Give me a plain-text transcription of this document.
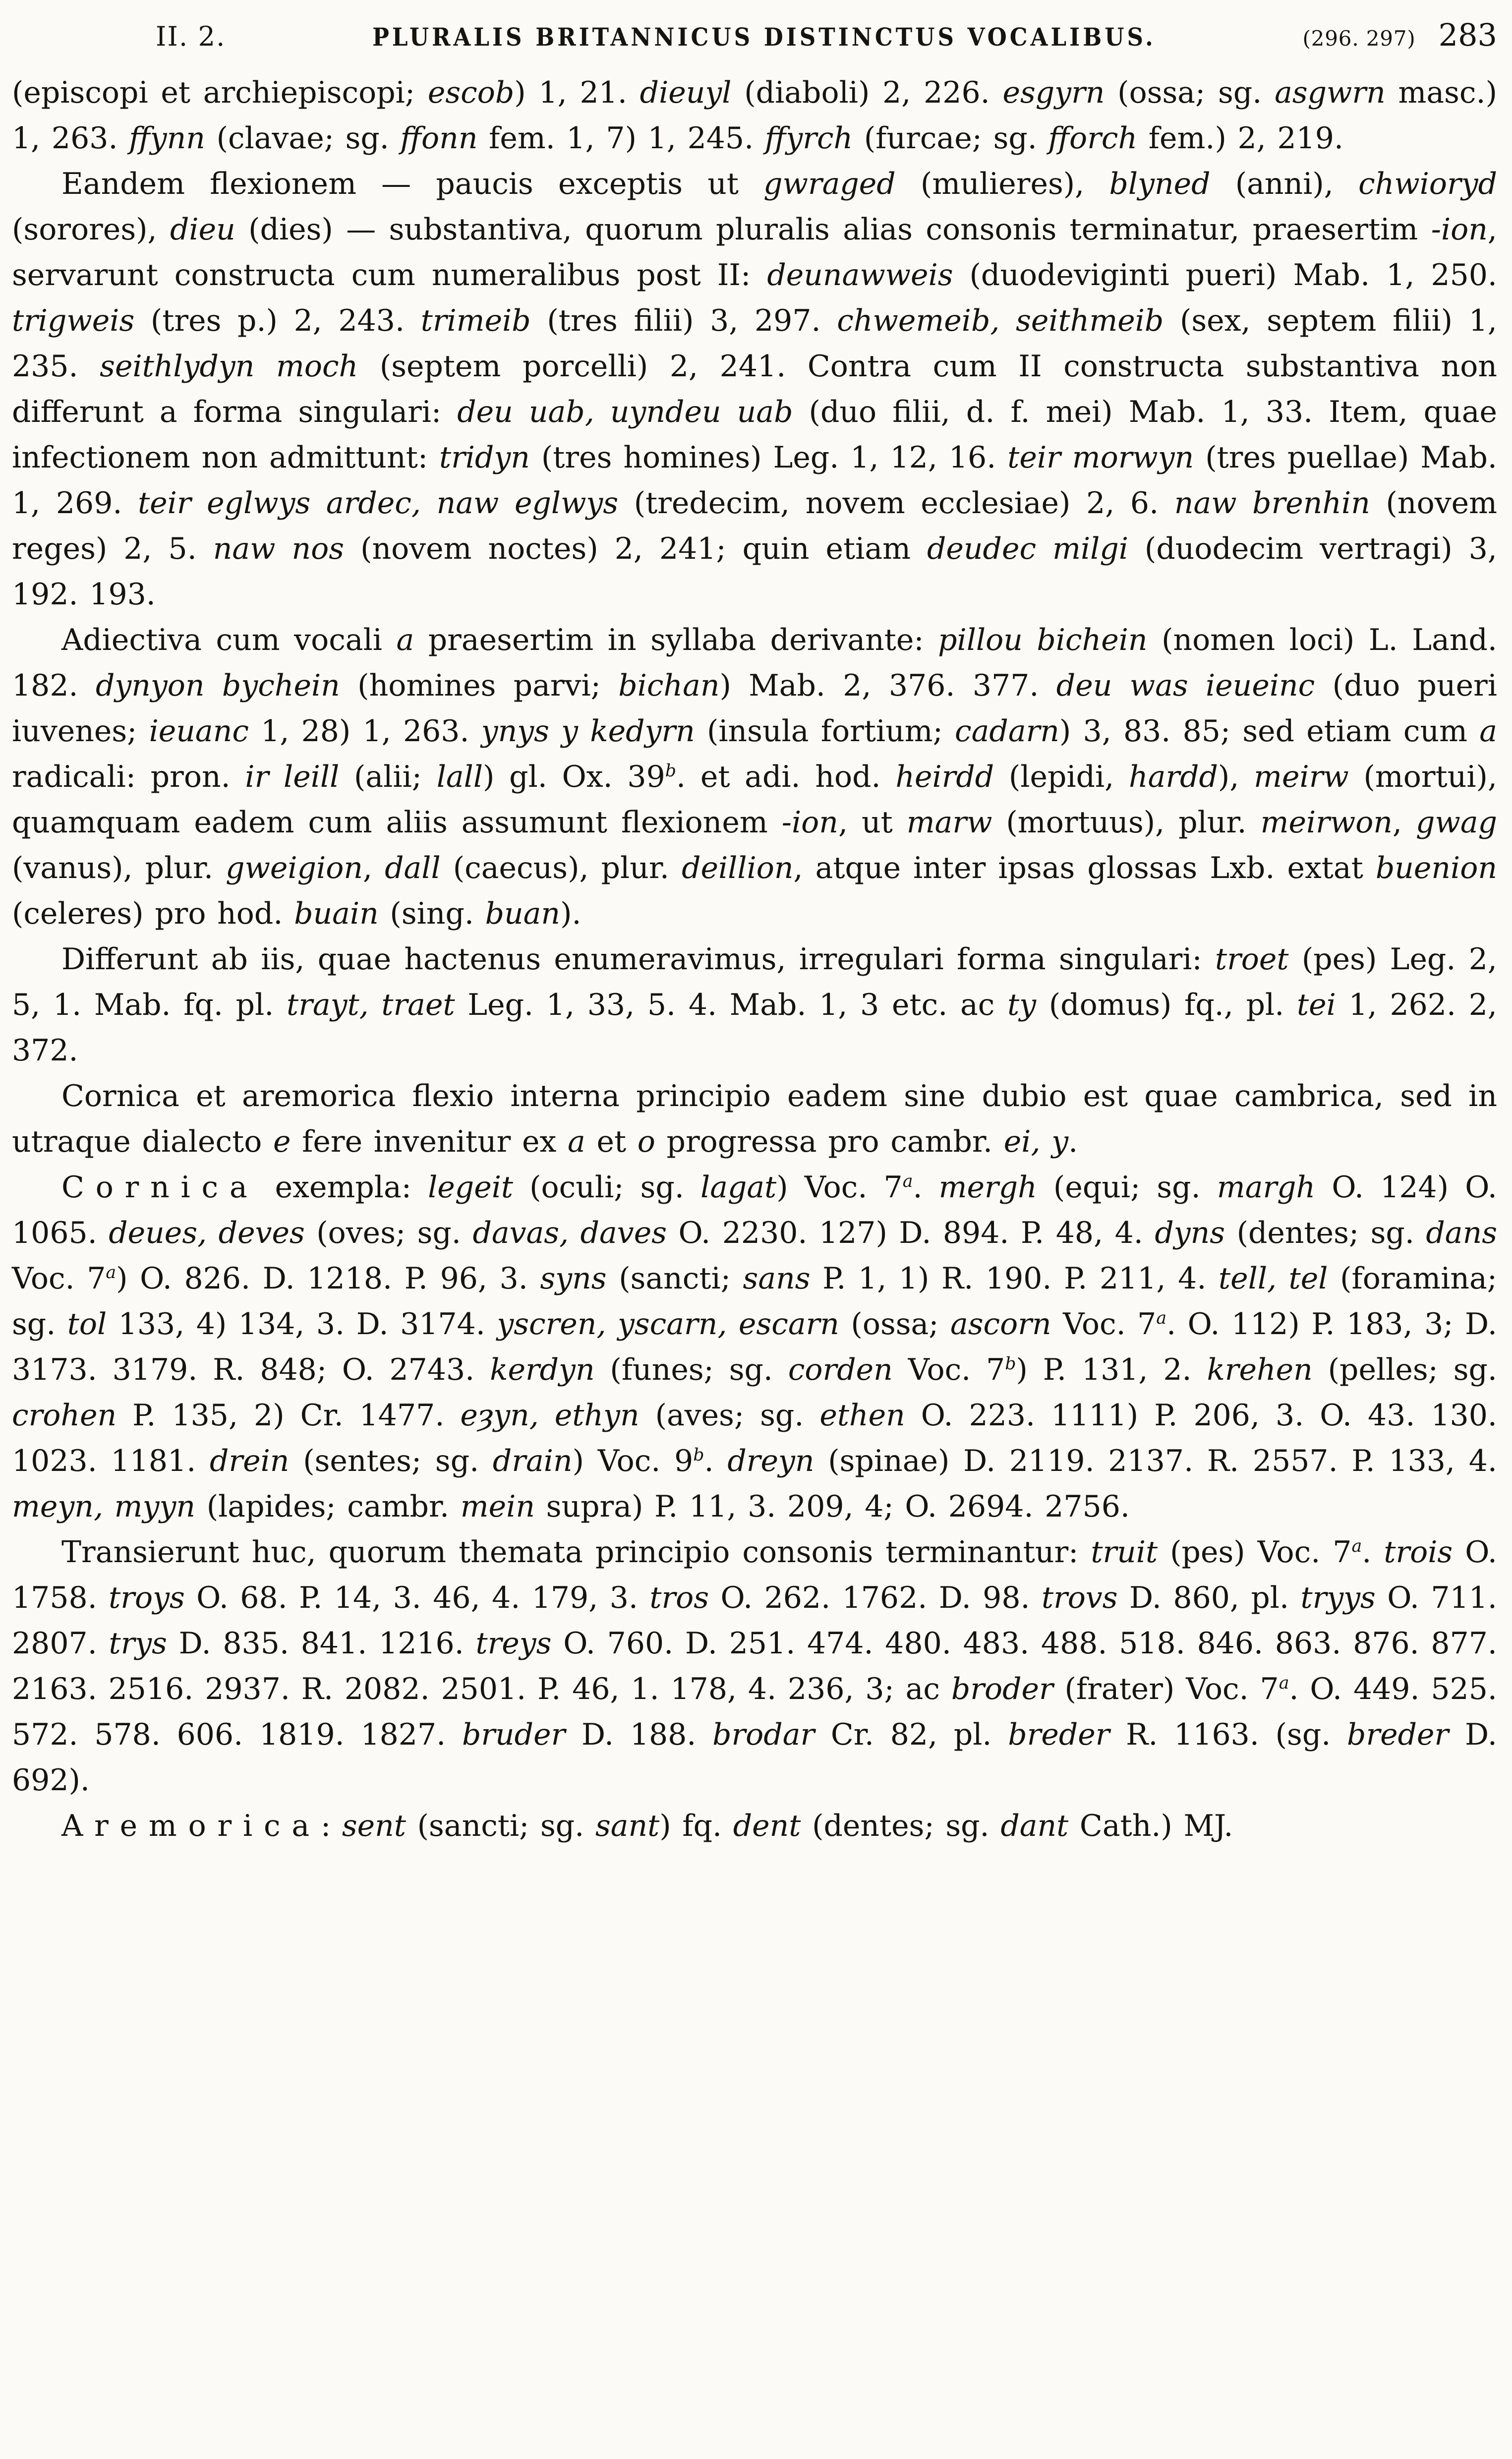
II. 2.	PLURALIS BRITANNICUS DISTINCTUS VOCALIBUS.	(296. 297) 283

(episcopi et archiepiscopi; escob) 1, 21. dieuyl (diaboli) 2, 226. esgyrn (ossa; sg. asgwrn masc.) 1, 263. ffynn (clavae; sg. ffonn fem. 1, 7) 1, 245. ffyrch (furcae; sg. fforch fem.) 2, 219.

Eandem flexionem — paucis exceptis ut gwraged (mulieres), blyned (anni), chwioryd (sorores), dieu (dies) — substantiva, quorum pluralis alias consonis terminatur, praesertim -ion, servarunt constructa cum numeralibus post II: deunawweis (duodeviginti pueri) Mab. 1, 250. trigweis (tres p.) 2, 243. trimeib (tres filii) 3, 297. chwemeib, seithmeib (sex, septem filii) 1, 235. seithlydyn moch (septem porcelli) 2, 241. Contra cum II constructa substantiva non differunt a forma singulari: deu uab, uyndeu uab (duo filii, d. f. mei) Mab. 1, 33. Item, quae infectionem non admittunt: tridyn (tres homines) Leg. 1, 12, 16. teir morwyn (tres puellae) Mab. 1, 269. teir eglwys ardec, naw eglwys (tredecim, novem ecclesiae) 2, 6. naw brenhin (novem reges) 2, 5. naw nos (novem noctes) 2, 241; quin etiam deudec milgi (duodecim vertragi) 3, 192. 193.

Adiectiva cum vocali a praesertim in syllaba derivante: pillou bichein (nomen loci) L. Land. 182. dynyon bychein (homines parvi; bichan) Mab. 2, 376. 377. deu was ieueinc (duo pueri iuvenes; ieuanc 1, 28) 1, 263. ynys y kedyrn (insula fortium; cadarn) 3, 83. 85; sed etiam cum a radicali: pron. ir leill (alii; lall) gl. Ox. 39$^b$. et adi. hod. heirdd (lepidi, hardd), meirw (mortui), quamquam eadem cum aliis assumunt flexionem -ion, ut marw (mortuus), plur. meirwon, gwag (vanus), plur. gweigion, dall (caecus), plur. deillion, atque inter ipsas glossas Lxb. extat buenion (celeres) pro hod. buain (sing. buan).

Differunt ab iis, quae hactenus enumeravimus, irregulari forma singulari: troet (pes) Leg. 2, 5, 1. Mab. fq. pl. trayt, traet Leg. 1, 33, 5. 4. Mab. 1, 3 etc. ac ty (domus) fq., pl. tei 1, 262. 2, 372.

Cornica et aremorica flexio interna principio eadem sine dubio est quae cambrica, sed in utraque dialecto e fere invenitur ex a et o progressa pro cambr. ei, y.

Cornica exempla: legeit (oculi; sg. lagat) Voc. 7$^a$. mergh (equi; sg. margh O. 124) O. 1065. deues, deves (oves; sg. davas, daves O. 2230. 127) D. 894. P. 48, 4. dyns (dentes; sg. dans Voc. 7$^a$) O. 826. D. 1218. P. 96, 3. syns (sancti; sans P. 1, 1) R. 190. P. 211, 4. tell, tel (foramina; sg. tol 133, 4) 134, 3. D. 3174. yscren, yscarn, escarn (ossa; ascorn Voc. 7$^a$. O. 112) P. 183, 3; D. 3173. 3179. R. 848; O. 2743. kerdyn (funes; sg. corden Voc. 7$^b$) P. 131, 2. krehen (pelles; sg. crohen P. 135, 2) Cr. 1477. eȝyn, ethyn (aves; sg. ethen O. 223. 1111) P. 206, 3. O. 43. 130. 1023. 1181. drein (sentes; sg. drain) Voc. 9$^b$. dreyn (spinae) D. 2119. 2137. R. 2557. P. 133, 4. meyn, myyn (lapides; cambr. mein supra) P. 11, 3. 209, 4; O. 2694. 2756.

Transierunt huc, quorum themata principio consonis terminantur: truit (pes) Voc. 7$^a$. trois O. 1758. troys O. 68. P. 14, 3. 46, 4. 179, 3. tros O. 262. 1762. D. 98. trovs D. 860, pl. tryys O. 711. 2807. trys D. 835. 841. 1216. treys O. 760. D. 251. 474. 480. 483. 488. 518. 846. 863. 876. 877. 2163. 2516. 2937. R. 2082. 2501. P. 46, 1. 178, 4. 236, 3; ac broder (frater) Voc. 7$^a$. O. 449. 525. 572. 578. 606. 1819. 1827. bruder D. 188. brodar Cr. 82, pl. breder R. 1163. (sg. breder D. 692).

Aremorica: sent (sancti; sg. sant) fq. dent (dentes; sg. dant Cath.) MJ.
